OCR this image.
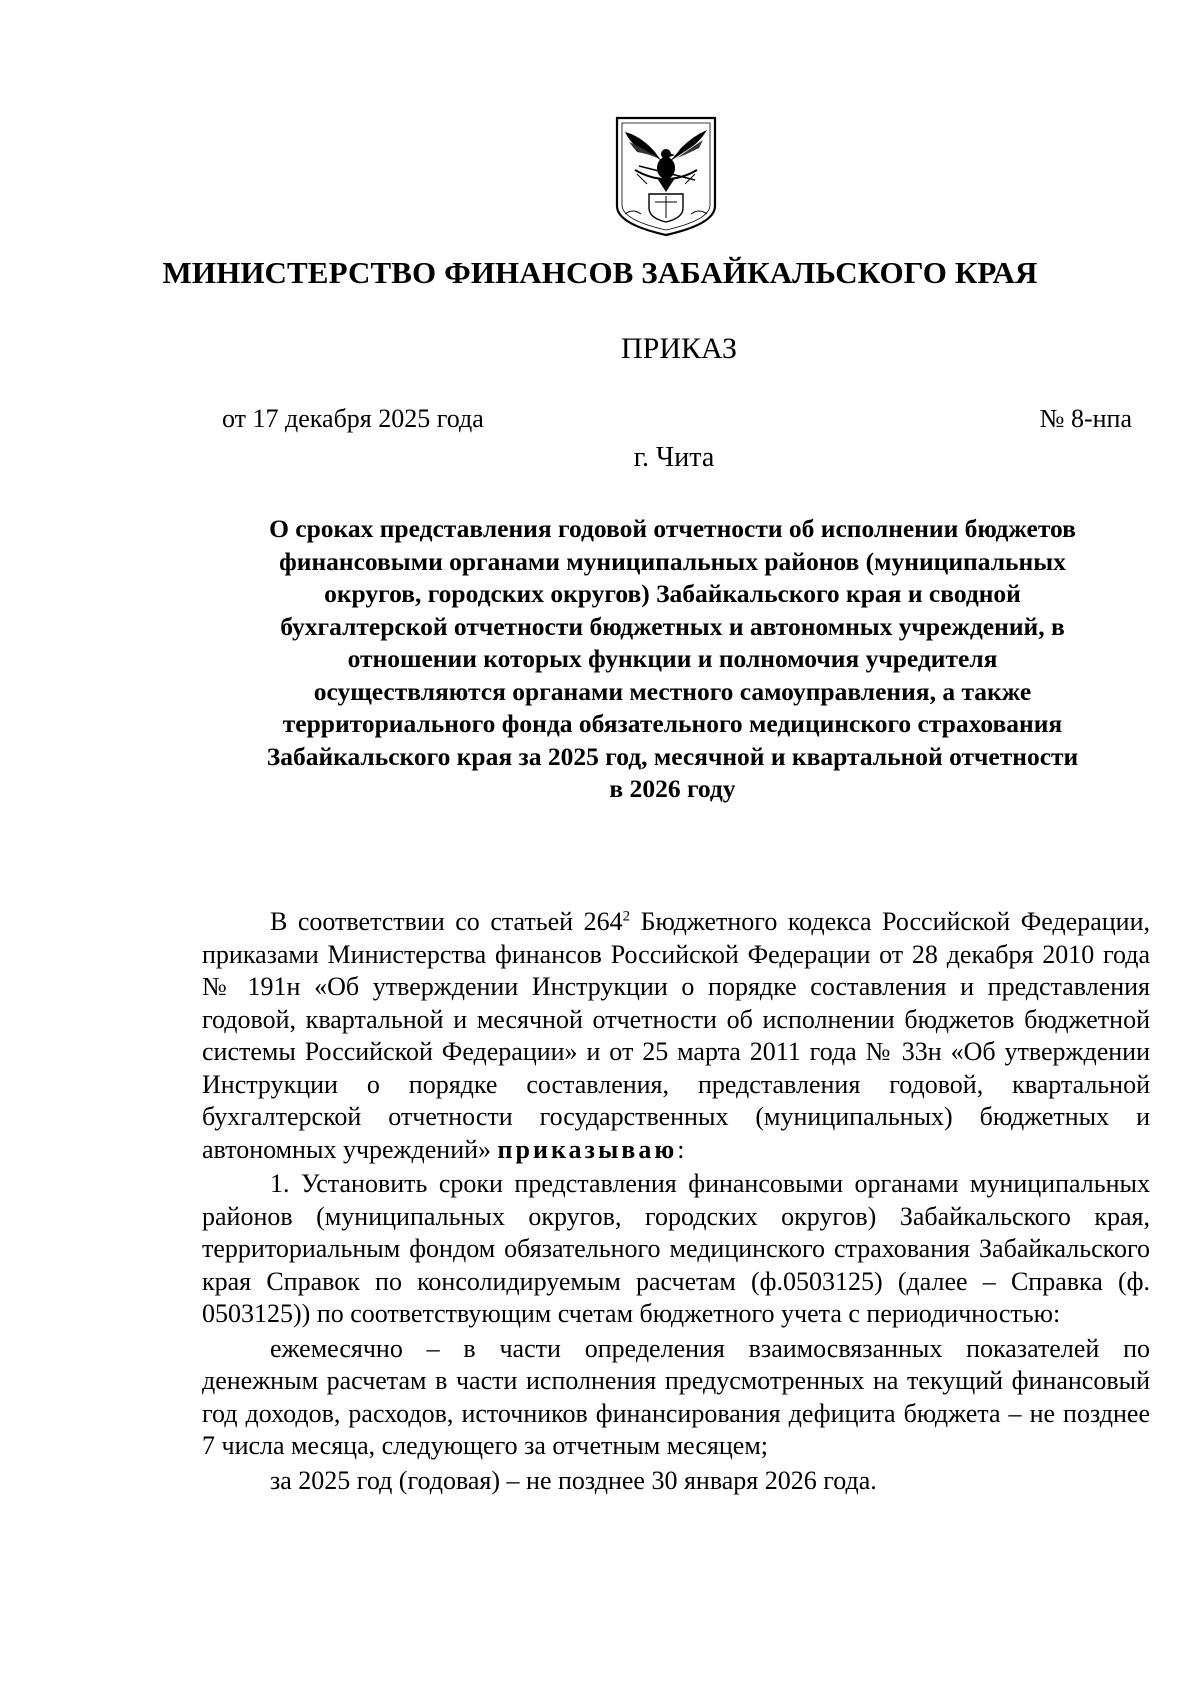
МИНИСТЕРСТВО ФИНАНСОВ ЗАБАЙКАЛЬСКОГО КРАЯ
ПРИКАЗ
от 17 декабря 2025 года	№ 8-нпа
г. Чита
О сроках представления годовой отчетности об исполнении бюджетов
финансовыми органами муниципальных районов (муниципальных
округов, городских округов) Забайкальского края и сводной
бухгалтерской отчетности бюджетных и автономных учреждений, в
отношении которых функции и полномочия учредителя
осуществляются органами местного самоуправления, а также
территориального фонда обязательного медицинского страхования
Забайкальского края за 2025 год, месячной и квартальной отчетности
в 2026 году

В соответствии со статьей $264^2$ Бюджетного кодекса Российской Федерации, приказами Министерства финансов Российской Федерации от 28 декабря 2010 года № 191н «Об утверждении Инструкции о порядке составления и представления годовой, квартальной и месячной отчетности об исполнении бюджетов бюджетной системы Российской Федерации» и от 25 марта 2011 года № 33н «Об утверждении Инструкции о порядке составления, представления годовой, квартальной бухгалтерской отчетности государственных (муниципальных) бюджетных и автономных учреждений» приказываю:

1. Установить сроки представления финансовыми органами муниципальных районов (муниципальных округов, городских округов) Забайкальского края, территориальным фондом обязательного медицинского страхования Забайкальского края Справок по консолидируемым расчетам (ф.0503125) (далее – Справка (ф. 0503125)) по соответствующим счетам бюджетного учета с периодичностью:

ежемесячно – в части определения взаимосвязанных показателей по денежным расчетам в части исполнения предусмотренных на текущий финансовый год доходов, расходов, источников финансирования дефицита бюджета – не позднее 7 числа месяца, следующего за отчетным месяцем;

за 2025 год (годовая) – не позднее 30 января 2026 года.
